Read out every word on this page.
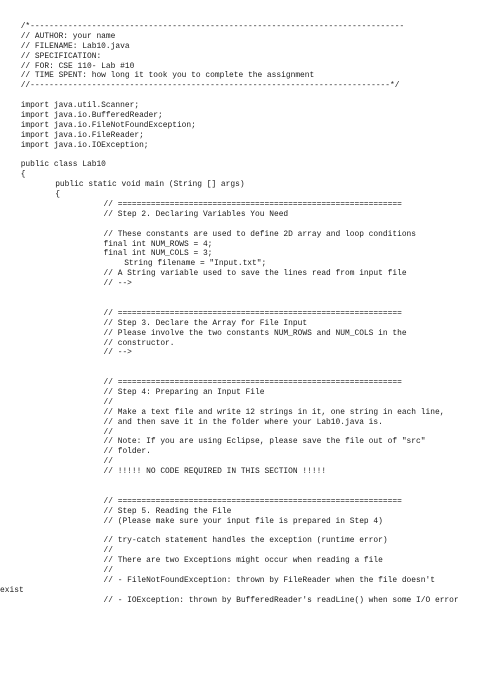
/*-------------------------------------------------------------------------------
// AUTHOR: your name
// FILENAME: Lab10.java
// SPECIFICATION:
// FOR: CSE 110- Lab #10
// TIME SPENT: how long it took you to complete the assignment
//----------------------------------------------------------------------------*/
import java.util.Scanner;
import java.io.BufferedReader;
import java.io.FileNotFoundException;
import java.io.FileReader;
import java.io.IOException;
public class Lab10
{
public static void main (String [] args)
{
// ============================================================
// Step 2. Declaring Variables You Need
// These constants are used to define 2D array and loop conditions
final int NUM_ROWS = 4;
final int NUM_COLS = 3;
String filename = "Input.txt";
// A String variable used to save the lines read from input file
// -->
// ============================================================
// Step 3. Declare the Array for File Input
// Please involve the two constants NUM_ROWS and NUM_COLS in the
// constructor.
// -->
// ============================================================
// Step 4: Preparing an Input File
//
// Make a text file and write 12 strings in it, one string in each line,
// and then save it in the folder where your Lab10.java is.
//
// Note: If you are using Eclipse, please save the file out of "src"
// folder.
//
// !!!!! NO CODE REQUIRED IN THIS SECTION !!!!!
// ============================================================
// Step 5. Reading the File
// (Please make sure your input file is prepared in Step 4)
// try-catch statement handles the exception (runtime error)
//
// There are two Exceptions might occur when reading a file
//
// - FileNotFoundException: thrown by FileReader when the file doesn't
exist
// - IOException: thrown by BufferedReader's readLine() when some I/O error
